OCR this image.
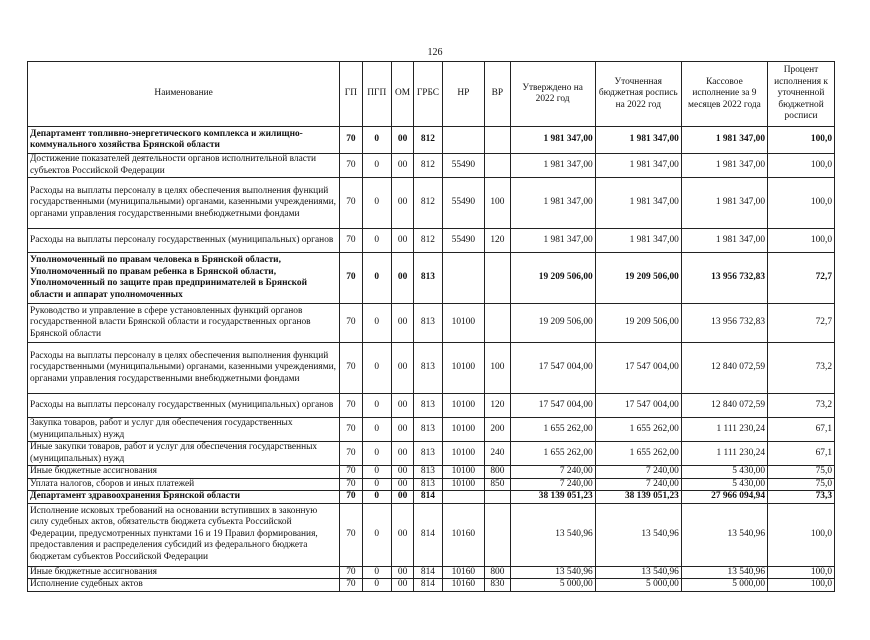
126
Наименование	ГП	ПГП	ОМ	ГРБС	НР	ВР	Утверждено на 2022 год	Уточненная бюджетная роспись на 2022 год	Кассовое исполнение за 9 месяцев 2022 года	Процент исполнения к уточненной бюджетной росписи
Департамент топливно-энергетического комплекса и жилищно-коммунального хозяйства Брянской области	70	0	00	812			1 981 347,00	1 981 347,00	1 981 347,00	100,0
Достижение показателей деятельности органов исполнительной власти субъектов Российской Федерации	70	0	00	812	55490		1 981 347,00	1 981 347,00	1 981 347,00	100,0
Расходы на выплаты персоналу в целях обеспечения выполнения функций государственными (муниципальными) органами, казенными учреждениями, органами управления государственными внебюджетными фондами	70	0	00	812	55490	100	1 981 347,00	1 981 347,00	1 981 347,00	100,0
Расходы на выплаты персоналу государственных (муниципальных) органов	70	0	00	812	55490	120	1 981 347,00	1 981 347,00	1 981 347,00	100,0
Уполномоченный по правам человека в Брянской области, Уполномоченный по правам ребенка в Брянской области, Уполномоченный по защите прав предпринимателей в Брянской области и аппарат уполномоченных	70	0	00	813			19 209 506,00	19 209 506,00	13 956 732,83	72,7
Руководство и управление в сфере установленных функций органов государственной власти Брянской области и государственных органов Брянской области	70	0	00	813	10100		19 209 506,00	19 209 506,00	13 956 732,83	72,7
Расходы на выплаты персоналу в целях обеспечения выполнения функций государственными (муниципальными) органами, казенными учреждениями, органами управления государственными внебюджетными фондами	70	0	00	813	10100	100	17 547 004,00	17 547 004,00	12 840 072,59	73,2
Расходы на выплаты персоналу государственных (муниципальных) органов	70	0	00	813	10100	120	17 547 004,00	17 547 004,00	12 840 072,59	73,2
Закупка товаров, работ и услуг для обеспечения государственных (муниципальных) нужд	70	0	00	813	10100	200	1 655 262,00	1 655 262,00	1 111 230,24	67,1
Иные закупки товаров, работ и услуг для обеспечения государственных (муниципальных) нужд	70	0	00	813	10100	240	1 655 262,00	1 655 262,00	1 111 230,24	67,1
Иные бюджетные ассигнования	70	0	00	813	10100	800	7 240,00	7 240,00	5 430,00	75,0
Уплата налогов, сборов и иных платежей	70	0	00	813	10100	850	7 240,00	7 240,00	5 430,00	75,0
Департамент здравоохранения Брянской области	70	0	00	814			38 139 051,23	38 139 051,23	27 966 094,94	73,3
Исполнение исковых требований на основании вступивших в законную силу судебных актов, обязательств бюджета субъекта Российской Федерации, предусмотренных пунктами 16 и 19 Правил формирования, предоставления и распределения субсидий из федерального бюджета бюджетам субъектов Российской Федерации	70	0	00	814	10160		13 540,96	13 540,96	13 540,96	100,0
Иные бюджетные ассигнования	70	0	00	814	10160	800	13 540,96	13 540,96	13 540,96	100,0
Исполнение судебных актов	70	0	00	814	10160	830	5 000,00	5 000,00	5 000,00	100,0
